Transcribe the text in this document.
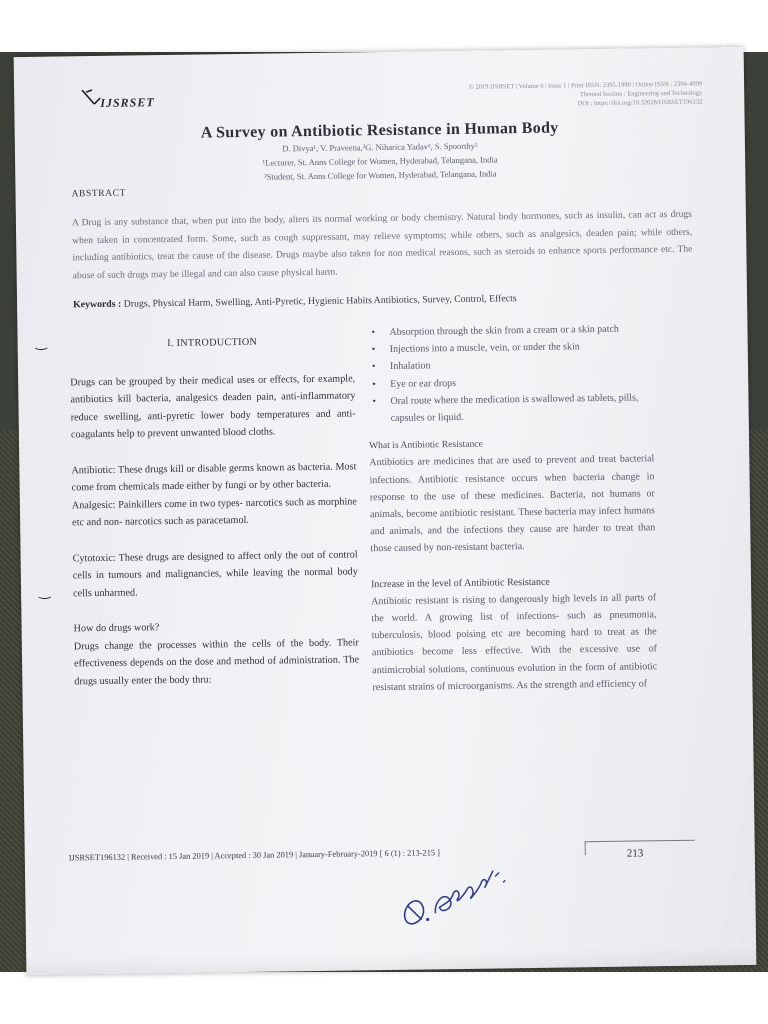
IJSRSET
© 2019 IJSRSET | Volume 6 | Issue 1 | Print ISSN: 2395-1990 | Online ISSN : 2394-4099
Themed Section : Engineering and Technology
DOI : https://doi.org/10.32628/IJSRSET196132
A Survey on Antibiotic Resistance in Human Body
D. Divya¹, V. Praveena,²G. Niharica Yadav², S. Spoorthy²
¹Lecturer, St. Anns College for Women, Hyderabad, Telangana, India
²Student, St. Anns College for Women, Hyderabad, Telangana, India
ABSTRACT
A Drug is any substance that, when put into the body, alters its normal working or body chemistry. Natural body hormones, such as insulin, can act as drugs when taken in concentrated form. Some, such as cough suppressant, may relieve symptoms; while others, such as analgesics, deaden pain; while others, including antibiotics, treat the cause of the disease. Drugs maybe also taken for non medical reasons, such as steroids to enhance sports performance etc. The abuse of such drugs may be illegal and can also cause physical harm.
Keywords : Drugs, Physical Harm, Swelling, Anti-Pyretic, Hygienic Habits Antibiotics, Survey, Control, Effects
‿
‿
I. INTRODUCTION

Drugs can be grouped by their medical uses or effects, for example, antibiotics kill bacteria, analgesics deaden pain, anti-inflammatory reduce swelling, anti-pyretic lower body temperatures and anti-coagulants help to prevent unwanted blood cloths.

Antibiotic: These drugs kill or disable germs known as bacteria. Most come from chemicals made either by fungi or by other bacteria.

Analgesic: Painkillers come in two types- narcotics such as morphine etc and non- narcotics such as paracetamol.

Cytotoxic: These drugs are designed to affect only the out of control cells in tumours and malignancies, while leaving the normal body cells unharmed.

How do drugs work?

Drugs change the processes within the cells of the body. Their effectiveness depends on the dose and method of administration. The drugs usually enter the body thru:

• Absorption through the skin from a cream or a skin patch
• Injections into a muscle, vein, or under the skin
• Inhalation
• Eye or ear drops
• Oral route where the medication is swallowed as tablets, pills, capsules or liquid.
What is Antibiotic Resistance

Antibiotics are medicines that are used to prevent and treat bacterial infections. Antibiotic resistance occurs when bacteria change in response to the use of these medicines. Bacteria, not humans or animals, become antibiotic resistant. These bacteria may infect humans and animals, and the infections they cause are harder to treat than those caused by non-resistant bacteria.

Increase in the level of Antibiotic Resistance

Antibiotic resistant is rising to dangerously high levels in all parts of the world. A growing list of infections- such as pneumonia, tuberculosis, blood poising etc are becoming hard to treat as the antibiotics become less effective. With the excessive use of antimicrobial solutions, continuous evolution in the form of antibiotic resistant strains of microorganisms. As the strength and efficiency of

IJSRSET196132 | Received : 15 Jan 2019 | Accepted : 30 Jan 2019 | January-February-2019 [ 6 (1) : 213-215 ]	213
